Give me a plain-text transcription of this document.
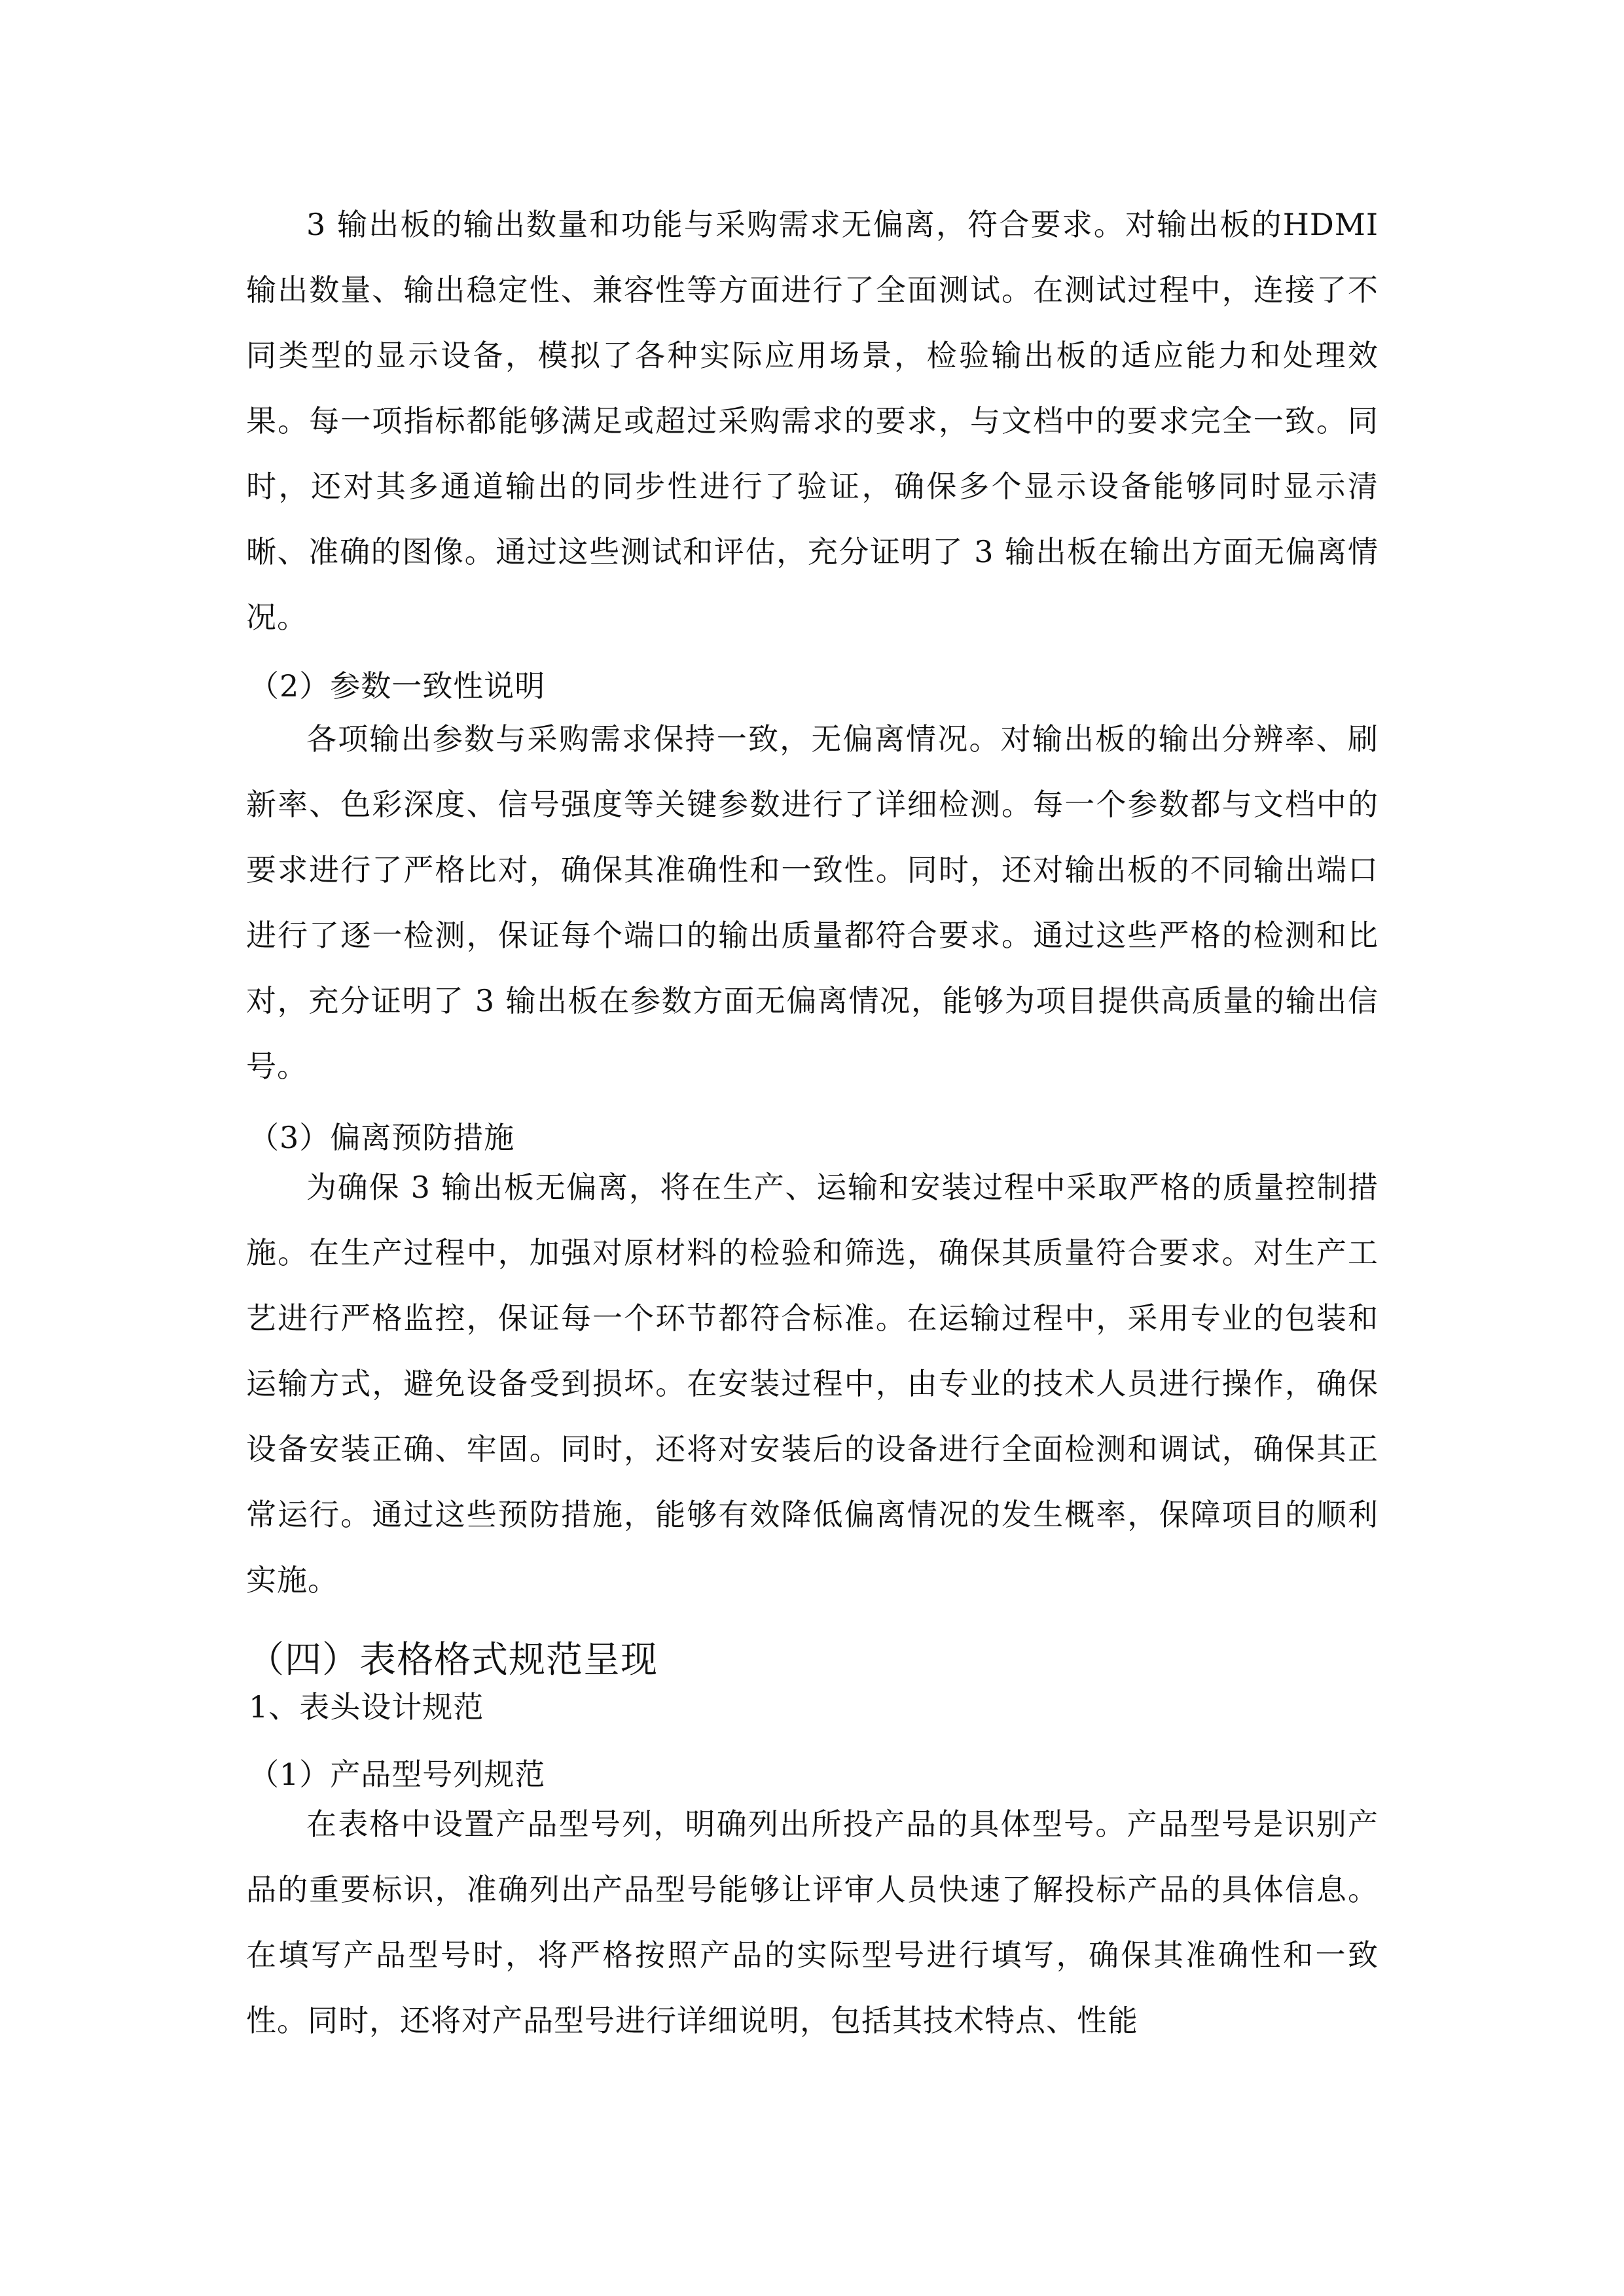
3 输出板的输出数量和功能与采购需求无偏离，符合要求。对输出板的HDMI 输出数量、输出稳定性、兼容性等方面进行了全面测试。在测试过程中，连接了不同类型的显示设备，模拟了各种实际应用场景，检验输出板的适应能力和处理效果。每一项指标都能够满足或超过采购需求的要求，与文档中的要求完全一致。同时，还对其多通道输出的同步性进行了验证，确保多个显示设备能够同时显示清晰、准确的图像。通过这些测试和评估，充分证明了 3 输出板在输出方面无偏离情况。

（2）参数一致性说明

各项输出参数与采购需求保持一致，无偏离情况。对输出板的输出分辨率、刷新率、色彩深度、信号强度等关键参数进行了详细检测。每一个参数都与文档中的要求进行了严格比对，确保其准确性和一致性。同时，还对输出板的不同输出端口进行了逐一检测，保证每个端口的输出质量都符合要求。通过这些严格的检测和比对，充分证明了 3 输出板在参数方面无偏离情况，能够为项目提供高质量的输出信号。

（3）偏离预防措施

为确保 3 输出板无偏离，将在生产、运输和安装过程中采取严格的质量控制措施。在生产过程中，加强对原材料的检验和筛选，确保其质量符合要求。对生产工艺进行严格监控，保证每一个环节都符合标准。在运输过程中，采用专业的包装和运输方式，避免设备受到损坏。在安装过程中，由专业的技术人员进行操作，确保设备安装正确、牢固。同时，还将对安装后的设备进行全面检测和调试，确保其正常运行。通过这些预防措施，能够有效降低偏离情况的发生概率，保障项目的顺利实施。

（四）表格格式规范呈现

1、表头设计规范

（1）产品型号列规范

在表格中设置产品型号列，明确列出所投产品的具体型号。产品型号是识别产品的重要标识，准确列出产品型号能够让评审人员快速了解投标产品的具体信息。在填写产品型号时，将严格按照产品的实际型号进行填写，确保其准确性和一致性。同时，还将对产品型号进行详细说明，包括其技术特点、性能
